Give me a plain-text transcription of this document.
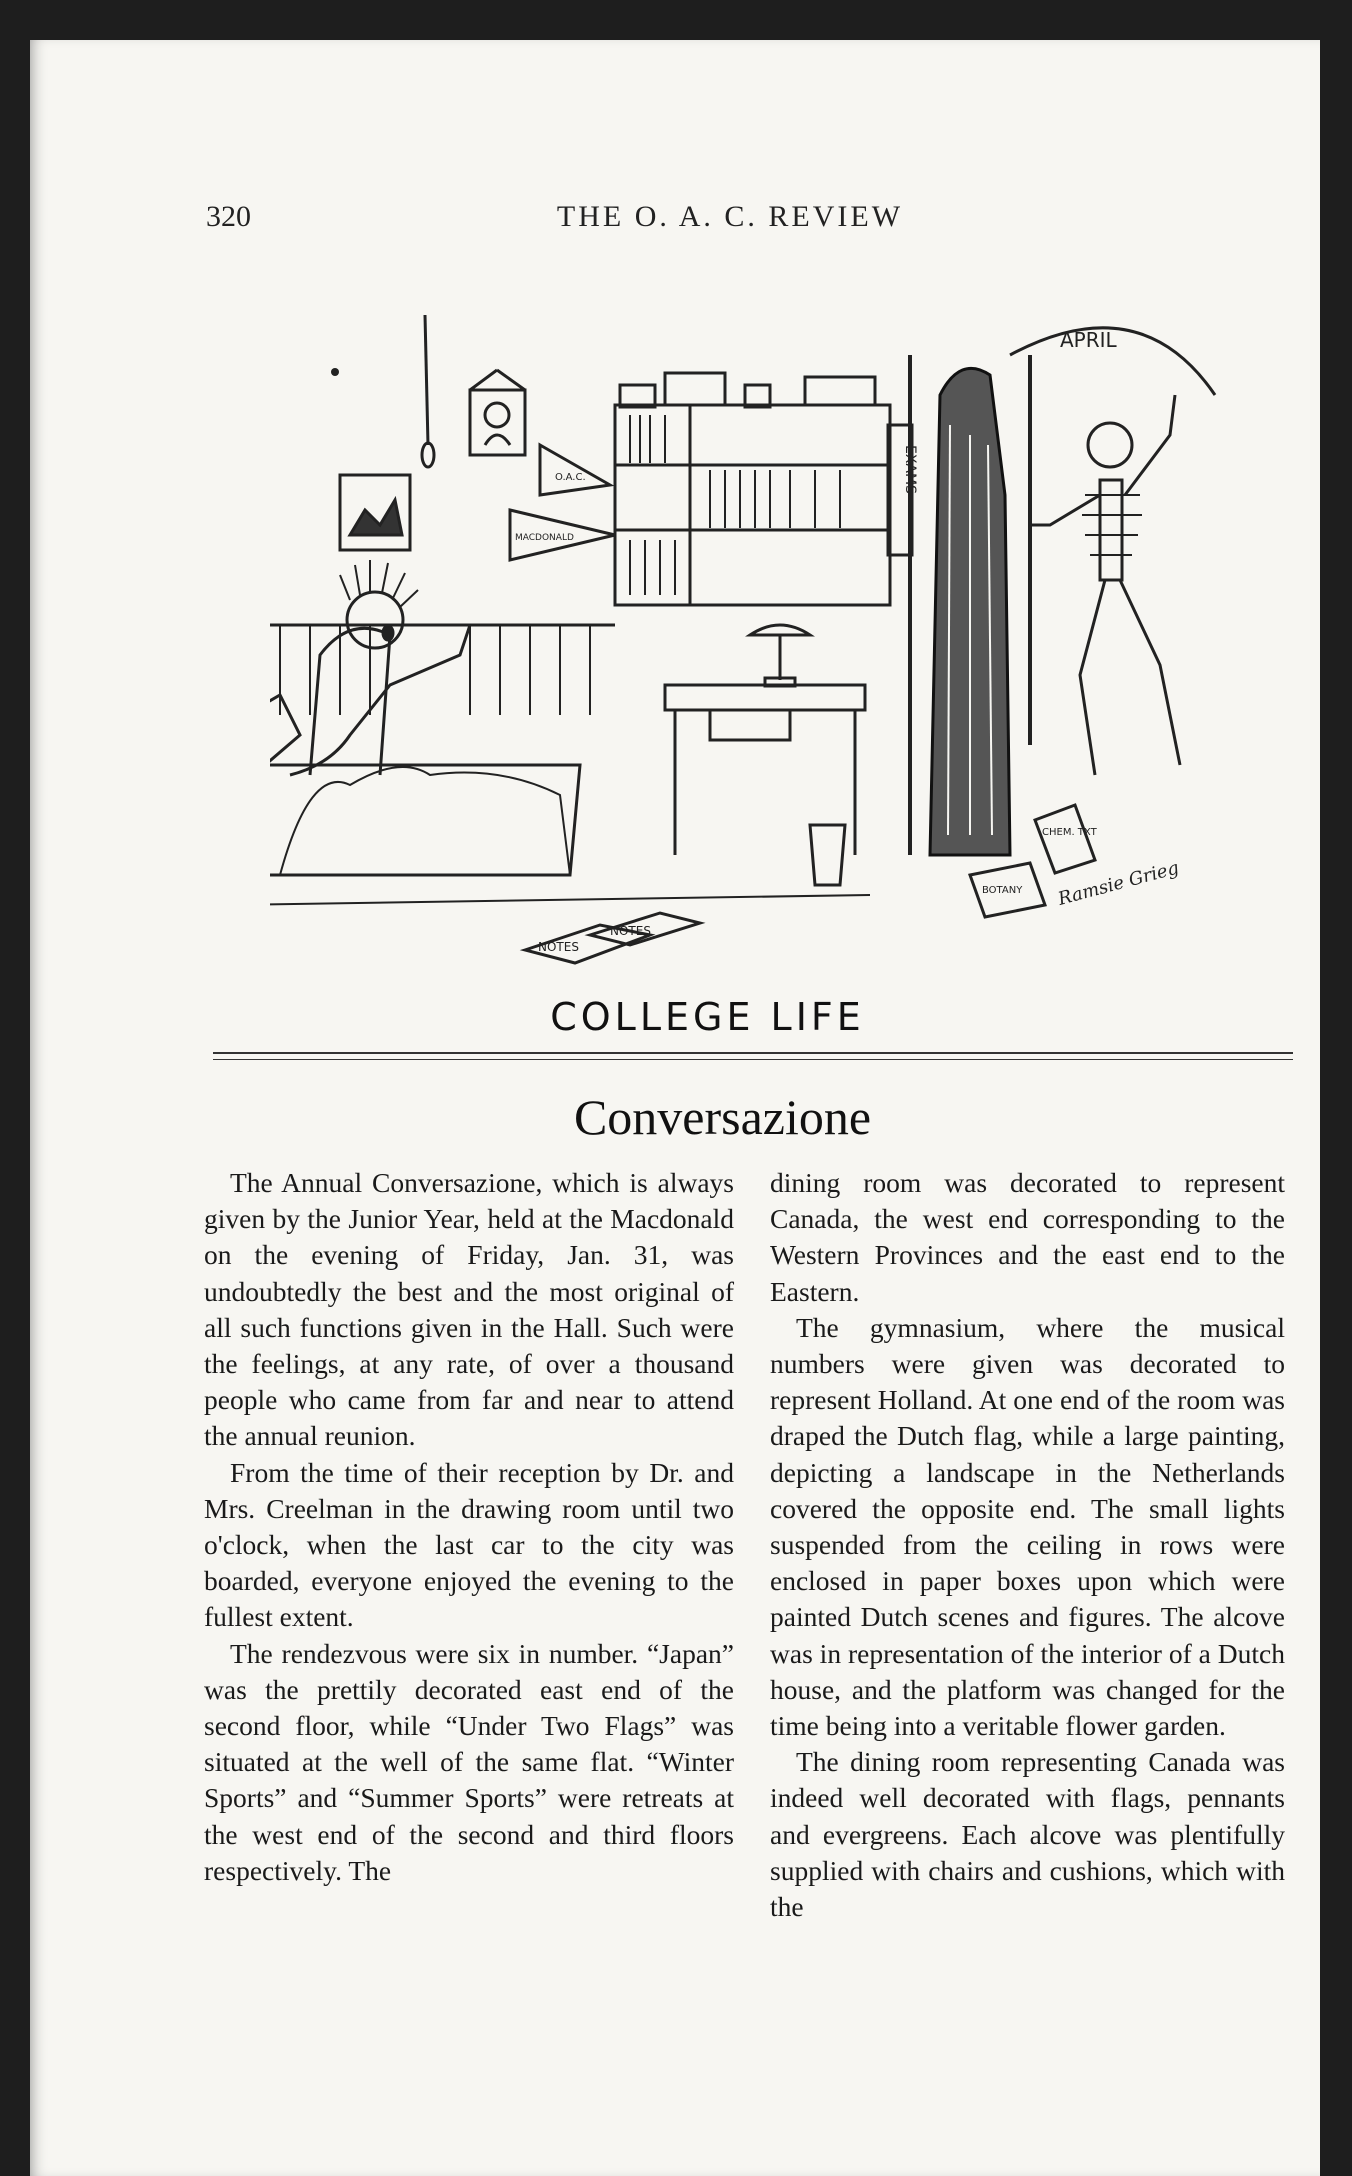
320	THE O. A. C. REVIEW
O.A.C.
MACDONALD
EXAMS
APRIL
NOTES
NOTES
CHEM. TXT
BOTANY Ramsie Grieg
COLLEGE LIFE
Conversazione

The Annual Conversazione, which is always given by the Junior Year, held at the Macdonald on the evening of Friday, Jan. 31, was undoubtedly the best and the most original of all such functions given in the Hall. Such were the feelings, at any rate, of over a thousand people who came from far and near to attend the annual reunion.

From the time of their reception by Dr. and Mrs. Creelman in the drawing room until two o'clock, when the last car to the city was boarded, everyone enjoyed the evening to the fullest extent.

The rendezvous were six in number. “Japan” was the prettily decorated east end of the second floor, while “Under Two Flags” was situated at the well of the same flat. “Winter Sports” and “Summer Sports” were retreats at the west end of the second and third floors respectively. The

dining room was decorated to represent Canada, the west end corresponding to the Western Provinces and the east end to the Eastern.

The gymnasium, where the musical numbers were given was decorated to represent Holland. At one end of the room was draped the Dutch flag, while a large painting, depicting a landscape in the Netherlands covered the opposite end. The small lights suspended from the ceiling in rows were enclosed in paper boxes upon which were painted Dutch scenes and figures. The alcove was in representation of the interior of a Dutch house, and the platform was changed for the time being into a veritable flower garden.

The dining room representing Canada was indeed well decorated with flags, pennants and evergreens. Each alcove was plentifully supplied with chairs and cushions, which with the
